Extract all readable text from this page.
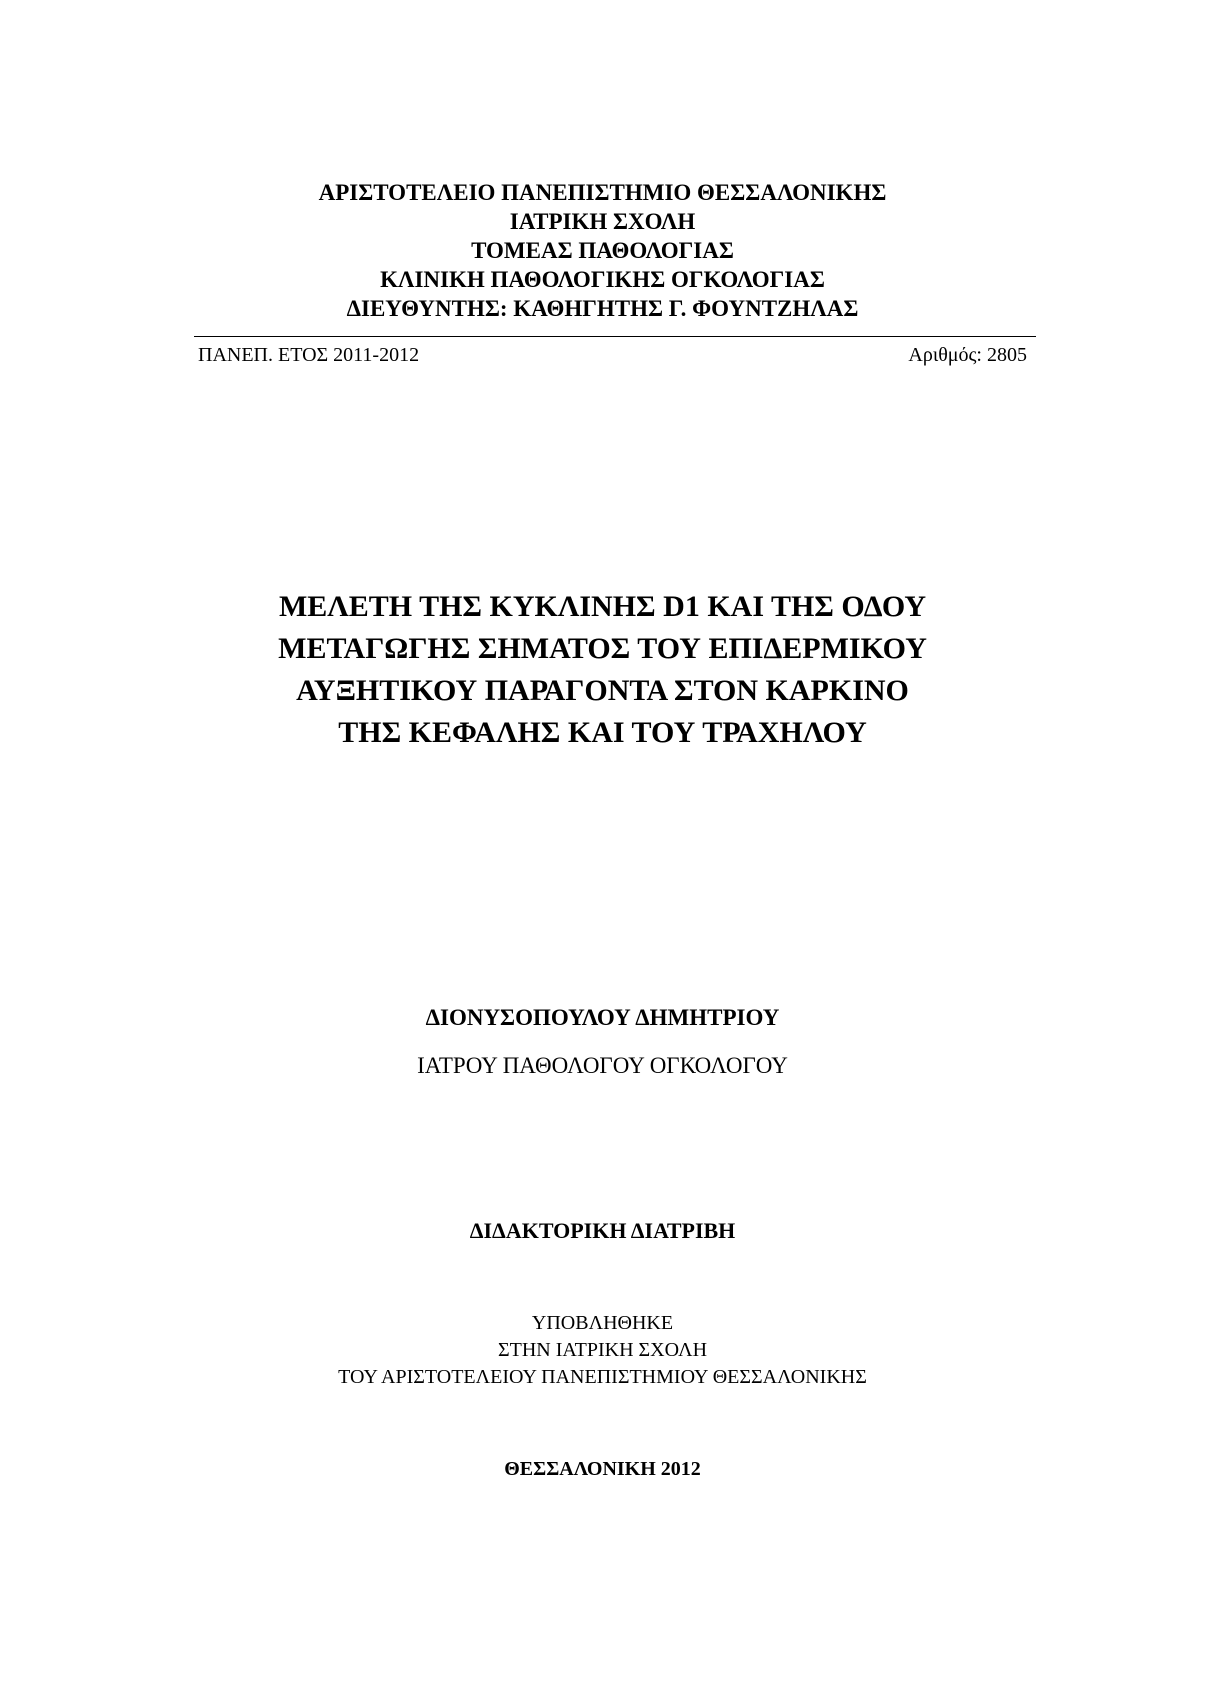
ΑΡΙΣΤΟΤΕΛΕΙΟ ΠΑΝΕΠΙΣΤΗΜΙΟ ΘΕΣΣΑΛΟΝΙΚΗΣ
ΙΑΤΡΙΚΗ ΣΧΟΛΗ
ΤΟΜΕΑΣ ΠΑΘΟΛΟΓΙΑΣ
ΚΛΙΝΙΚΗ ΠΑΘΟΛΟΓΙΚΗΣ ΟΓΚΟΛΟΓΙΑΣ
ΔΙΕΥΘΥΝΤΗΣ: ΚΑΘΗΓΗΤΗΣ Γ. ΦΟΥΝΤΖΗΛΑΣ
ΠΑΝΕΠ. ΕΤΟΣ 2011-2012	Αριθμός: 2805
ΜΕΛΕΤΗ ΤΗΣ ΚΥΚΛΙΝΗΣ D1 ΚΑΙ ΤΗΣ ΟΔΟΥ
ΜΕΤΑΓΩΓΗΣ ΣΗΜΑΤΟΣ ΤΟΥ ΕΠΙΔΕΡΜΙΚΟΥ
ΑΥΞΗΤΙΚΟΥ ΠΑΡΑΓΟΝΤΑ ΣΤΟΝ ΚΑΡΚΙΝΟ
ΤΗΣ ΚΕΦΑΛΗΣ ΚΑΙ ΤΟΥ ΤΡΑΧΗΛΟΥ
ΔΙΟΝΥΣΟΠΟΥΛΟΥ ΔΗΜΗΤΡΙΟΥ
ΙΑΤΡΟΥ ΠΑΘΟΛΟΓΟΥ ΟΓΚΟΛΟΓΟΥ
ΔΙΔΑΚΤΟΡΙΚΗ ΔΙΑΤΡΙΒΗ
ΥΠΟΒΛΗΘΗΚΕ
ΣΤΗΝ ΙΑΤΡΙΚΗ ΣΧΟΛΗ
ΤΟΥ ΑΡΙΣΤΟΤΕΛΕΙΟΥ ΠΑΝΕΠΙΣΤΗΜΙΟΥ ΘΕΣΣΑΛΟΝΙΚΗΣ
ΘΕΣΣΑΛΟΝΙΚΗ 2012
